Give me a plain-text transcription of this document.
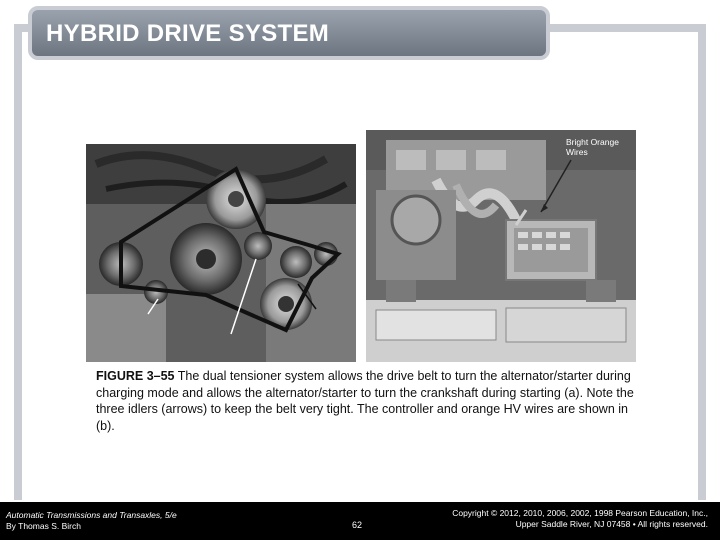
HYBRID DRIVE SYSTEM
Bright Orange
Wires
FIGURE 3–55 The dual tensioner system allows the drive belt to turn the alternator/starter during charging mode and allows the alternator/starter to turn the crankshaft during starting (a). Note the three idlers (arrows) to keep the belt very tight. The controller and orange HV wires are shown in (b).
Automatic Transmissions and Transaxles, 5/e
By Thomas S. Birch	62
Copyright © 2012, 2010, 2006, 2002, 1998 Pearson Education, Inc.,
Upper Saddle River, NJ 07458 • All rights reserved.
